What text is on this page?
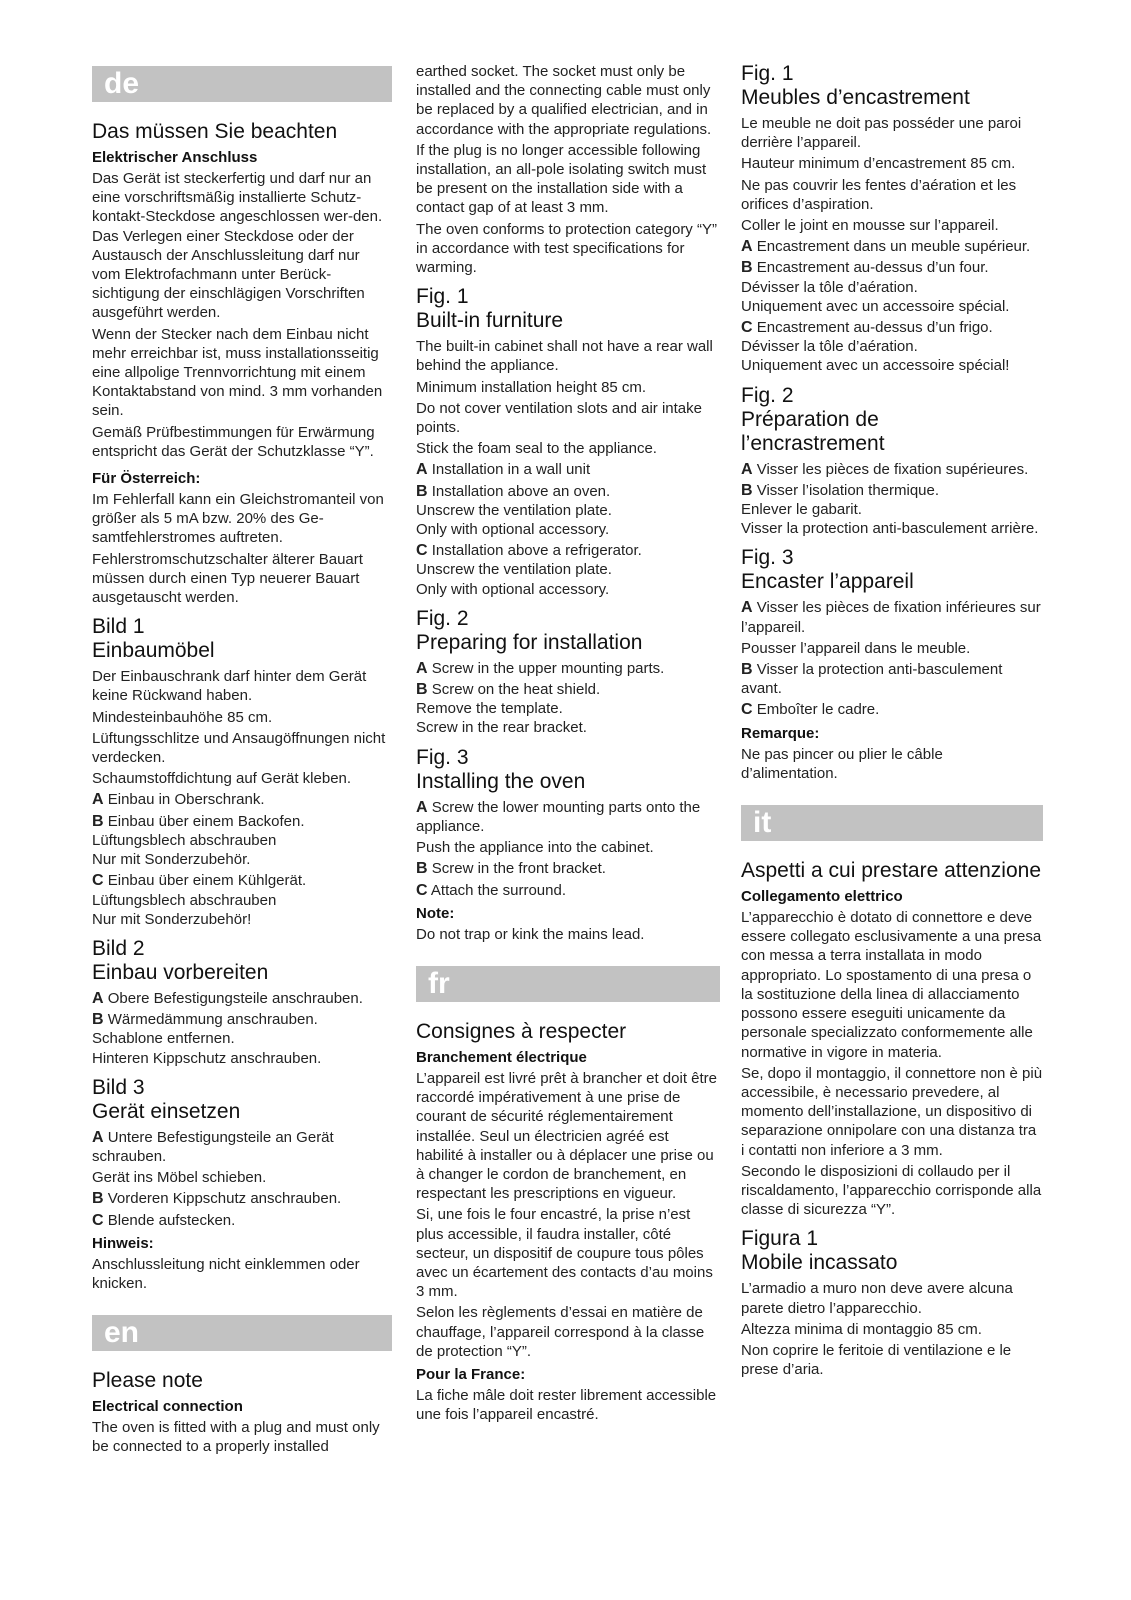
de
Das müssen Sie beachten
Elektrischer Anschluss

Das Gerät ist steckerfertig und darf nur an eine vorschriftsmäßig installierte Schutz-kontakt-Steckdose angeschlossen wer-den. Das Verlegen einer Steckdose oder der Austausch der Anschlussleitung darf nur vom Elektrofachmann unter Berück-sichtigung der einschlägigen Vorschriften ausgeführt werden.

Wenn der Stecker nach dem Einbau nicht mehr erreichbar ist, muss installationsseitig eine allpolige Trennvorrichtung mit einem Kontaktabstand von mind. 3 mm vorhanden sein.

Gemäß Prüfbestimmungen für Erwärmung entspricht das Gerät der Schutzklasse “Y”.

Für Österreich:

Im Fehlerfall kann ein Gleichstromanteil von größer als 5 mA bzw. 20% des Ge-samtfehlerstromes auftreten.

Fehlerstromschutzschalter älterer Bauart müssen durch einen Typ neuerer Bauart ausgetauscht werden.

Bild 1
Einbaumöbel

Der Einbauschrank darf hinter dem Gerät keine Rückwand haben.

Mindesteinbauhöhe 85 cm.

Lüftungsschlitze und Ansaugöffnungen nicht verdecken.

Schaumstoffdichtung auf Gerät kleben.

A Einbau in Oberschrank.

B Einbau über einem Backofen.
Lüftungsblech abschrauben
Nur mit Sonderzubehör.

C Einbau über einem Kühlgerät.
Lüftungsblech abschrauben
Nur mit Sonderzubehör!

Bild 2
Einbau vorbereiten

A Obere Befestigungsteile anschrauben.

B Wärmedämmung anschrauben.
Schablone entfernen.
Hinteren Kippschutz anschrauben.

Bild 3
Gerät einsetzen

A Untere Befestigungsteile an Gerät schrauben.

Gerät ins Möbel schieben.

B Vorderen Kippschutz anschrauben.

C Blende aufstecken.

Hinweis:

Anschlussleitung nicht einklemmen oder knicken.

en
Please note
Electrical connection

The oven is fitted with a plug and must only be connected to a properly installed

earthed socket. The socket must only be installed and the connecting cable must only be replaced by a qualified electrician, and in accordance with the appropriate regulations.

If the plug is no longer accessible following installation, an all-pole isolating switch must be present on the installation side with a contact gap of at least 3 mm.

The oven conforms to protection category “Y” in accordance with test specifications for warming.

Fig. 1
Built-in furniture

The built-in cabinet shall not have a rear wall behind the appliance.

Minimum installation height 85 cm.

Do not cover ventilation slots and air intake points.

Stick the foam seal to the appliance.

A Installation in a wall unit

B Installation above an oven.
Unscrew the ventilation plate.
Only with optional accessory.

C Installation above a refrigerator.
Unscrew the ventilation plate.
Only with optional accessory.

Fig. 2
Preparing for installation

A Screw in the upper mounting parts.

B Screw on the heat shield.
Remove the template.
Screw in the rear bracket.

Fig. 3
Installing the oven

A Screw the lower mounting parts onto the appliance.

Push the appliance into the cabinet.

B Screw in the front bracket.

C Attach the surround.

Note:

Do not trap or kink the mains lead.

fr
Consignes à respecter
Branchement électrique

L’appareil est livré prêt à brancher et doit être raccordé impérativement à une prise de courant de sécurité réglementairement installée. Seul un électricien agréé est habilité à installer ou à déplacer une prise ou à changer le cordon de branchement, en respectant les prescriptions en vigueur.

Si, une fois le four encastré, la prise n’est plus accessible, il faudra installer, côté secteur, un dispositif de coupure tous pôles avec un écartement des contacts d’au moins 3 mm.

Selon les règlements d’essai en matière de chauffage, l’appareil correspond à la classe de protection “Y”.

Pour la France:

La fiche mâle doit rester librement accessible une fois l’appareil encastré.

Fig. 1
Meubles d’encastrement

Le meuble ne doit pas posséder une paroi derrière l’appareil.

Hauteur minimum d’encastrement 85 cm.

Ne pas couvrir les fentes d’aération et les orifices d’aspiration.

Coller le joint en mousse sur l’appareil.

A Encastrement dans un meuble supérieur.

B Encastrement au-dessus d’un four.
Dévisser la tôle d’aération.
Uniquement avec un accessoire spécial.

C Encastrement au-dessus d’un frigo.
Dévisser la tôle d’aération.
Uniquement avec un accessoire spécial!

Fig. 2
Préparation de
l’encrastrement

A Visser les pièces de fixation supérieures.

B Visser l’isolation thermique.
Enlever le gabarit.
Visser la protection anti-basculement arrière.

Fig. 3
Encaster l’appareil

A Visser les pièces de fixation inférieures sur l’appareil.

Pousser l’appareil dans le meuble.

B Visser la protection anti-basculement avant.

C Emboîter le cadre.

Remarque:

Ne pas pincer ou plier le câble d’alimentation.

it
Aspetti a cui prestare attenzione
Collegamento elettrico

L’apparecchio è dotato di connettore e deve essere collegato esclusivamente a una presa con messa a terra installata in modo appropriato. Lo spostamento di una presa o la sostituzione della linea di allacciamento possono essere eseguiti unicamente da personale specializzato conformemente alle normative in vigore in materia.

Se, dopo il montaggio, il connettore non è più accessibile, è necessario prevedere, al momento dell’installazione, un dispositivo di separazione onnipolare con una distanza tra i contatti non inferiore a 3 mm.

Secondo le disposizioni di collaudo per il riscaldamento, l’apparecchio corrisponde alla classe di sicurezza “Y”.

Figura 1
Mobile incassato

L’armadio a muro non deve avere alcuna parete dietro l’apparecchio.

Altezza minima di montaggio 85 cm.

Non coprire le feritoie di ventilazione e le prese d’aria.
